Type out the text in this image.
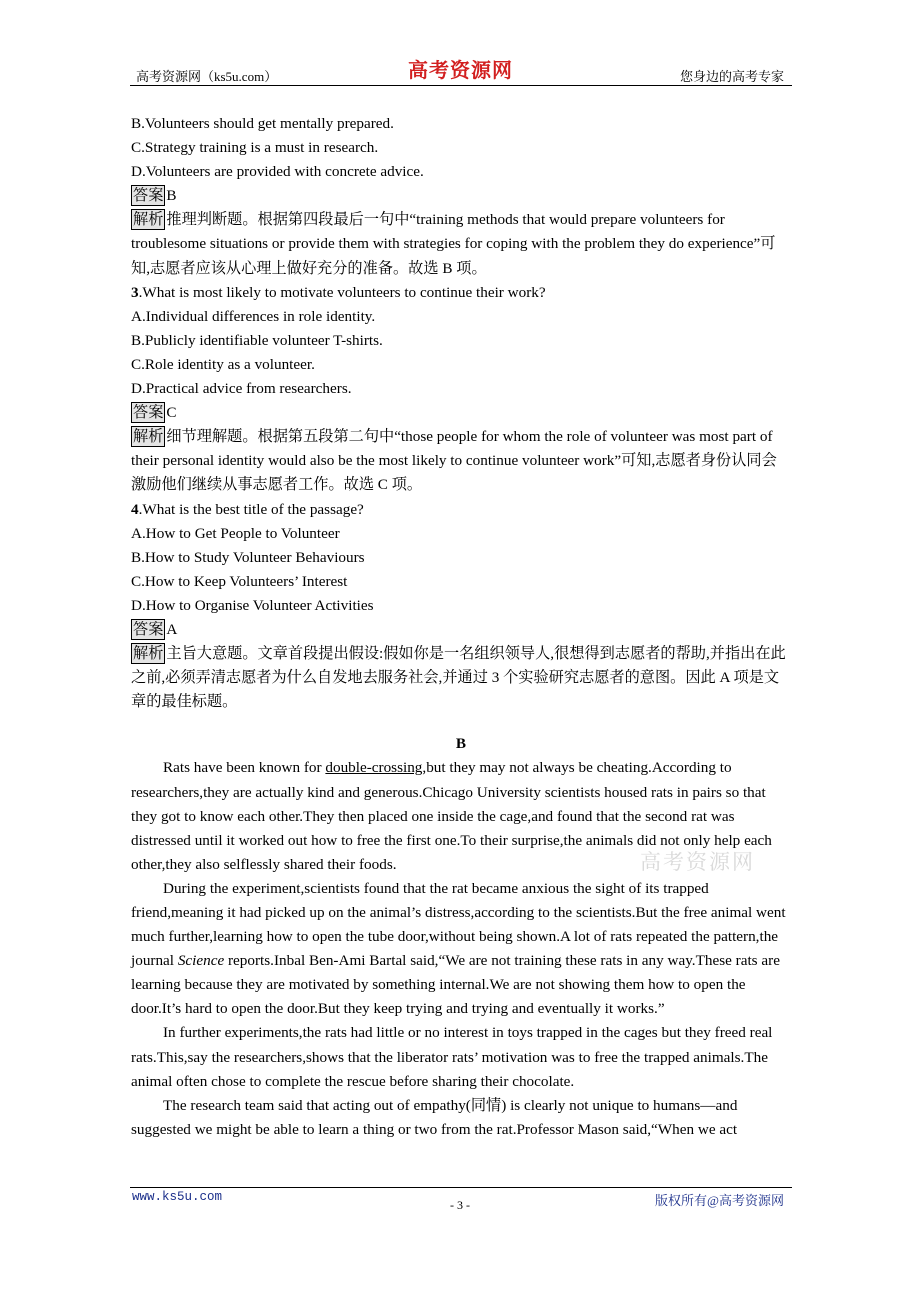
高考资源网（ks5u.com）	高考资源网	您身边的高考专家

B.Volunteers should get mentally prepared.

C.Strategy training is a must in research.

D.Volunteers are provided with concrete advice.

答案 B

解析 推理判断题。根据第四段最后一句中“training methods that would prepare volunteers for troublesome situations or provide them with strategies for coping with the problem they do experience”可知,志愿者应该从心理上做好充分的准备。故选 B 项。

3.What is most likely to motivate volunteers to continue their work?

A.Individual differences in role identity.

B.Publicly identifiable volunteer T-shirts.

C.Role identity as a volunteer.

D.Practical advice from researchers.

答案 C

解析 细节理解题。根据第五段第二句中“those people for whom the role of volunteer was most part of their personal identity would also be the most likely to continue volunteer work”可知,志愿者身份认同会激励他们继续从事志愿者工作。故选 C 项。

4.What is the best title of the passage?

A.How to Get People to Volunteer

B.How to Study Volunteer Behaviours

C.How to Keep Volunteers’ Interest

D.How to Organise Volunteer Activities

答案 A

解析 主旨大意题。文章首段提出假设:假如你是一名组织领导人,很想得到志愿者的帮助,并指出在此之前,必须弄清志愿者为什么自发地去服务社会,并通过 3 个实验研究志愿者的意图。因此 A 项是文章的最佳标题。

B

Rats have been known for double-crossing,but they may not always be cheating.According to researchers,they are actually kind and generous.Chicago University scientists housed rats in pairs so that they got to know each other.They then placed one inside the cage,and found that the second rat was distressed until it worked out how to free the first one.To their surprise,the animals did not only help each other,they also selflessly shared their foods.

During the experiment,scientists found that the rat became anxious the sight of its trapped friend,meaning it had picked up on the animal’s distress,according to the scientists.But the free animal went much further,learning how to open the tube door,without being shown.A lot of rats repeated the pattern,the journal Science reports.Inbal Ben-Ami Bartal said,“We are not training these rats in any way.These rats are learning because they are motivated by something internal.We are not showing them how to open the door.It’s hard to open the door.But they keep trying and trying and eventually it works.”

In further experiments,the rats had little or no interest in toys trapped in the cages but they freed real rats.This,say the researchers,shows that the liberator rats’ motivation was to free the trapped animals.The animal often chose to complete the rescue before sharing their chocolate.

The research team said that acting out of empathy(同情) is clearly not unique to humans—and suggested we might be able to learn a thing or two from the rat.Professor Mason said,“When we act

高考资源网
www.ks5u.com
- 3 -	版权所有@高考资源网
